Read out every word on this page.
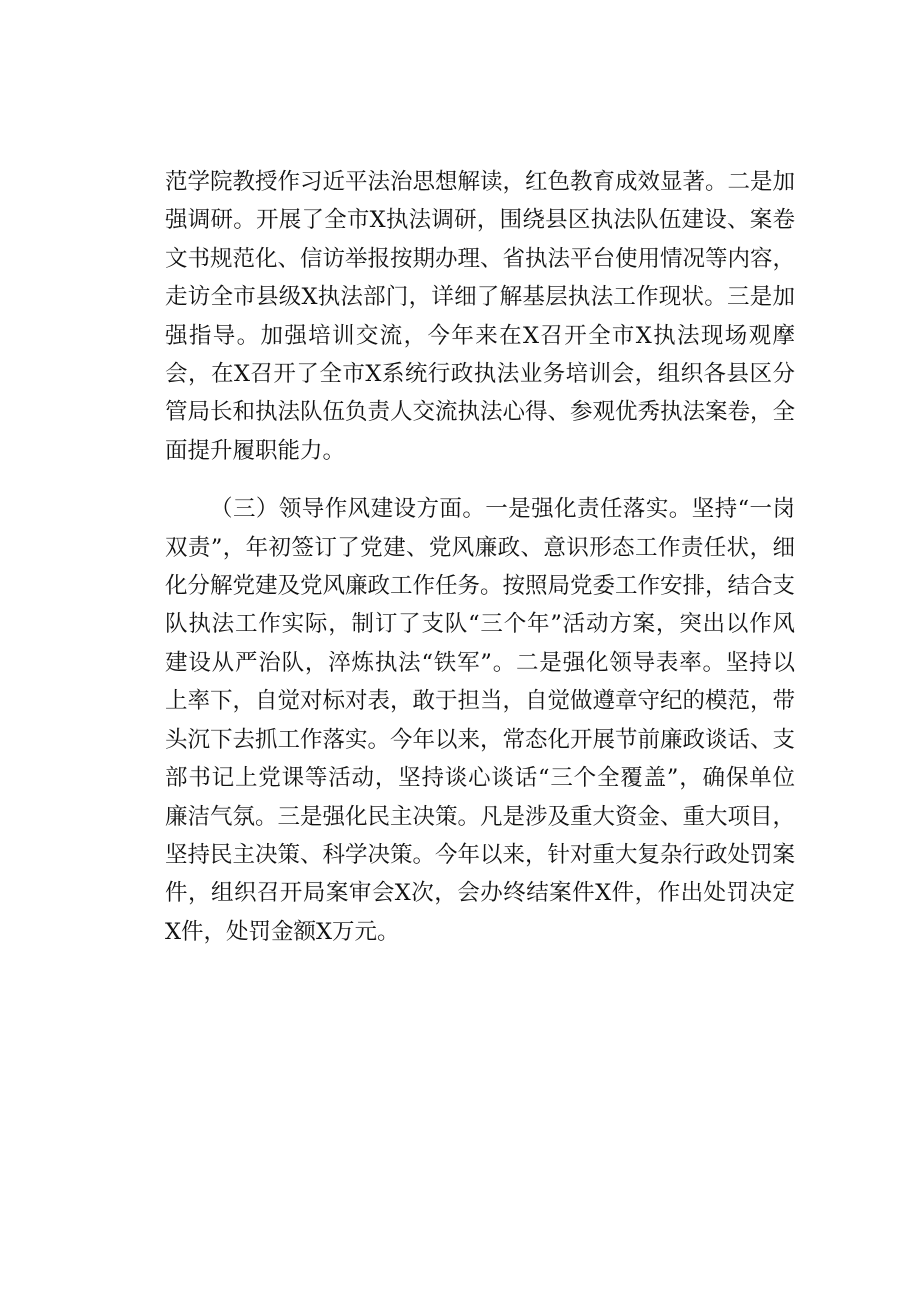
范学院教授作习近平法治思想解读，红色教育成效显著。二是加强调研。开展了全市X执法调研，围绕县区执法队伍建设、案卷文书规范化、信访举报按期办理、省执法平台使用情况等内容，走访全市县级X执法部门，详细了解基层执法工作现状。三是加强指导。加强培训交流，今年来在X召开全市X执法现场观摩会，在X召开了全市X系统行政执法业务培训会，组织各县区分管局长和执法队伍负责人交流执法心得、参观优秀执法案卷，全面提升履职能力。

（三）领导作风建设方面。一是强化责任落实。坚持“一岗双责”，年初签订了党建、党风廉政、意识形态工作责任状，细化分解党建及党风廉政工作任务。按照局党委工作安排，结合支队执法工作实际，制订了支队“三个年”活动方案，突出以作风建设从严治队，淬炼执法“铁军”。二是强化领导表率。坚持以上率下，自觉对标对表，敢于担当，自觉做遵章守纪的模范，带头沉下去抓工作落实。今年以来，常态化开展节前廉政谈话、支部书记上党课等活动，坚持谈心谈话“三个全覆盖”，确保单位廉洁气氛。三是强化民主决策。凡是涉及重大资金、重大项目，坚持民主决策、科学决策。今年以来，针对重大复杂行政处罚案件，组织召开局案审会X次，会办终结案件X件，作出处罚决定X件，处罚金额X万元。
